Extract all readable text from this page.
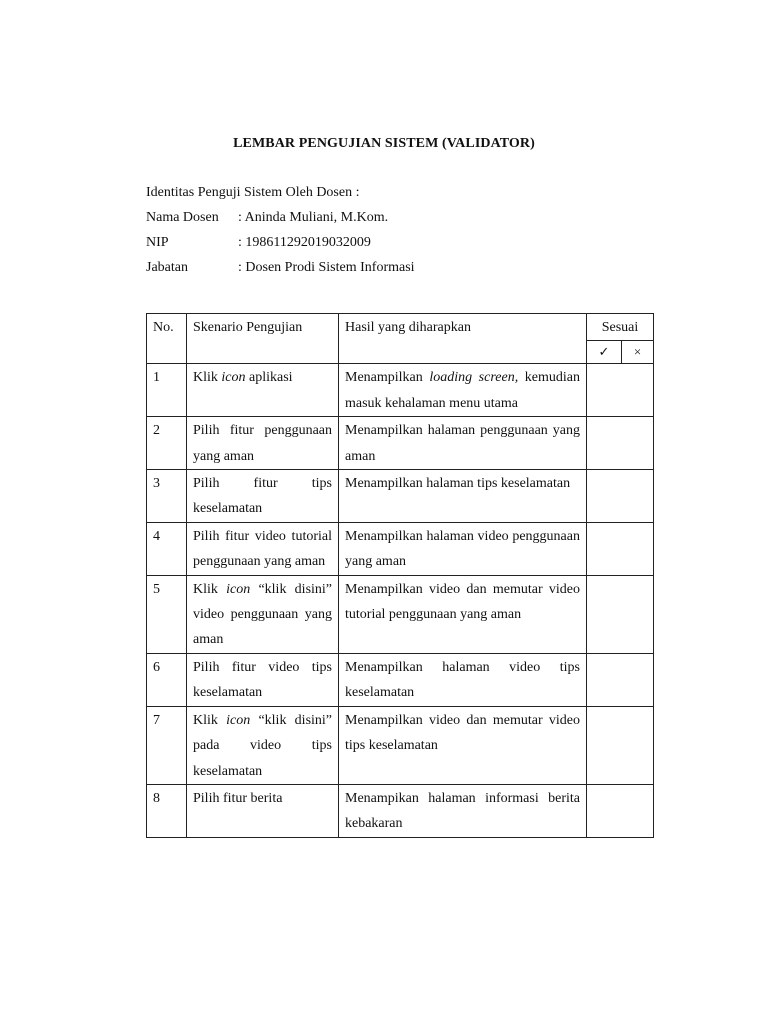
LEMBAR PENGUJIAN SISTEM (VALIDATOR)
Identitas Penguji Sistem Oleh Dosen :
Nama Dosen : Aninda Muliani, M.Kom.
NIP	: 198611292019032009
Jabatan	: Dosen Prodi Sistem Informasi
No.	Skenario Pengujian	Hasil yang diharapkan	Sesuai	
			✓	×
1	Klik icon aplikasi	Menampilkan loading screen, kemudian masuk kehalaman menu utama		
2	Pilih fitur penggunaan yang aman	Menampilkan halaman penggunaan yang aman		
3	Pilih fitur tips keselamatan	Menampilkan halaman tips keselamatan		
4	Pilih fitur video tutorial penggunaan yang aman	Menampilkan halaman video penggunaan yang aman		
5	Klik icon “klik disini” video penggunaan yang aman	Menampilkan video dan memutar video tutorial penggunaan yang aman		
6	Pilih fitur video tips keselamatan	Menampilkan halaman video tips keselamatan		
7	Klik icon “klik disini” pada video tips keselamatan	Menampilkan video dan memutar video tips keselamatan		
8	Pilih fitur berita	Menampikan halaman informasi berita kebakaran		
